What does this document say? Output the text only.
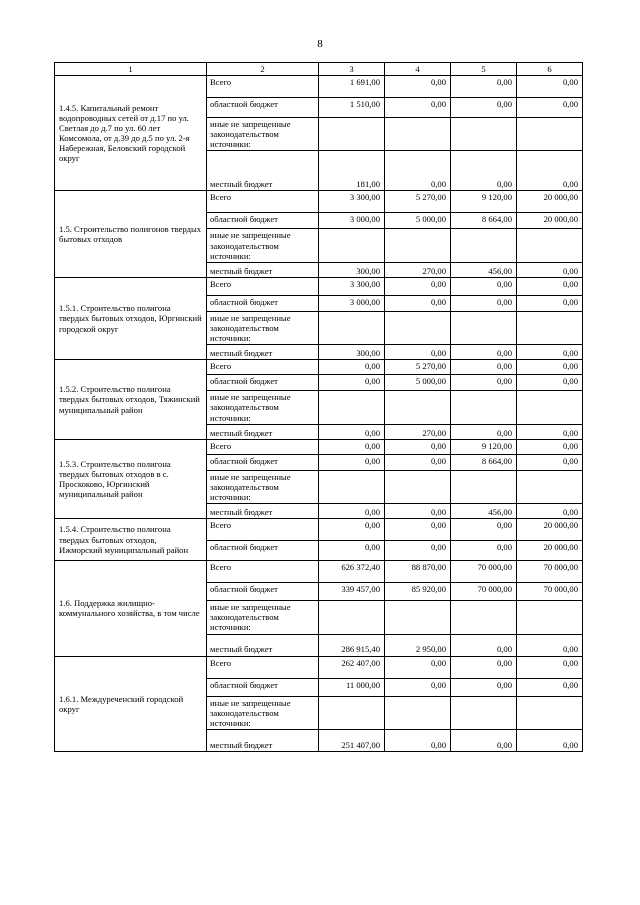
8
1	2	3	4	5	6
1.4.5. Капитальный ремонт водопроводных сетей от д.17 по ул. Светлая до д.7 по ул. 60 лет Комсомола, от д.39 до д.5 по ул. 2-я Набережная, Беловский городской округ	Всего	1 691,00	0,00	0,00	0,00
	областной бюджет	1 510,00	0,00	0,00	0,00
	иные не запрещенные законодательством источники:				
	местный бюджет	181,00	0,00	0,00	0,00
1.5. Строительство полигонов твердых бытовых отходов	Всего	3 300,00	5 270,00	9 120,00	20 000,00
	областной бюджет	3 000,00	5 000,00	8 664,00	20 000,00
	иные не запрещенные законодательством источники:				
	местный бюджет	300,00	270,00	456,00	0,00
1.5.1. Строительство полигона твердых бытовых отходов, Юргинский городской округ	Всего	3 300,00	0,00	0,00	0,00
	областной бюджет	3 000,00	0,00	0,00	0,00
	иные не запрещенные законодательством источники:				
	местный бюджет	300,00	0,00	0,00	0,00
1.5.2. Строительство полигона твердых бытовых отходов, Тяжинский муниципальный район	Всего	0,00	5 270,00	0,00	0,00
	областной бюджет	0,00	5 000,00	0,00	0,00
	иные не запрещенные законодательством источники:				
	местный бюджет	0,00	270,00	0,00	0,00
1.5.3. Строительство полигона твердых бытовых отходов в с. Проскоково, Юргинский муниципальный район	Всего	0,00	0,00	9 120,00	0,00
	областной бюджет	0,00	0,00	8 664,00	0,00
	иные не запрещенные законодательством источники:				
	местный бюджет	0,00	0,00	456,00	0,00
1.5.4. Строительство полигона твердых бытовых отходов, Ижморский муниципальный район	Всего	0,00	0,00	0,00	20 000,00
	областной бюджет	0,00	0,00	0,00	20 000,00
1.6. Поддержка жилищно-коммунального хозяйства, в том числе	Всего	626 372,40	88 870,00	70 000,00	70 000,00
	областной бюджет	339 457,00	85 920,00	70 000,00	70 000,00
	иные не запрещенные законодательством источники:				
	местный бюджет	286 915,40	2 950,00	0,00	0,00
1.6.1. Междуреченский городской округ	Всего	262 407,00	0,00	0,00	0,00
	областной бюджет	11 000,00	0,00	0,00	0,00
	иные не запрещенные законодательством источники:				
	местный бюджет	251 407,00	0,00	0,00	0,00
